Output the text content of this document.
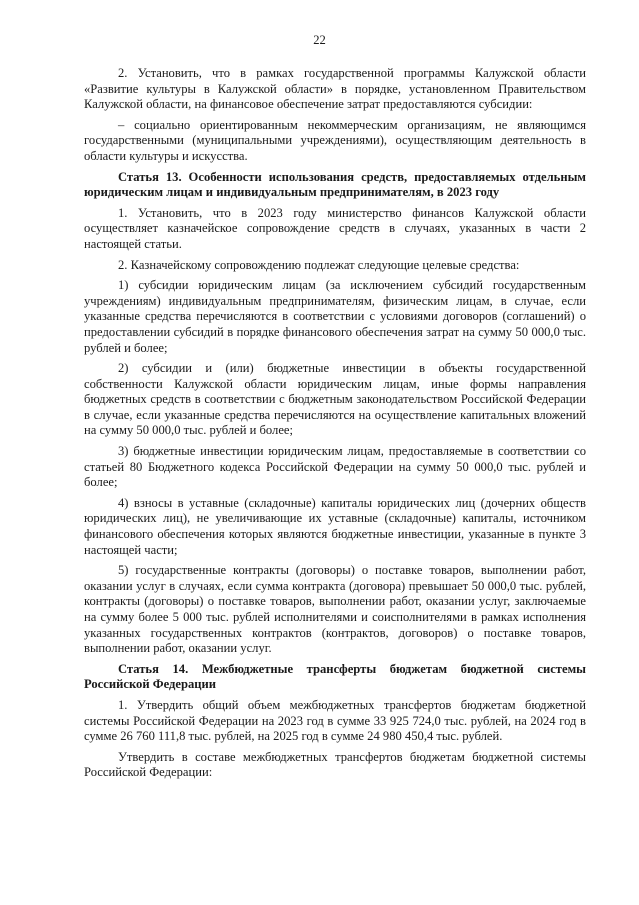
22

2. Установить, что в рамках государственной программы Калужской области «Развитие культуры в Калужской области» в порядке, установленном Правительством Калужской области, на финансовое обеспечение затрат предоставляются субсидии:

– социально ориентированным некоммерческим организациям, не являющимся государственными (муниципальными учреждениями), осуществляющим деятельность в области культуры и искусства.

Статья 13. Особенности использования средств, предоставляемых отдельным юридическим лицам и индивидуальным предпринимателям, в 2023 году

1. Установить, что в 2023 году министерство финансов Калужской области осуществляет казначейское сопровождение средств в случаях, указанных в части 2 настоящей статьи.

2. Казначейскому сопровождению подлежат следующие целевые средства:

1) субсидии юридическим лицам (за исключением субсидий государственным учреждениям) индивидуальным предпринимателям, физическим лицам, в случае, если указанные средства перечисляются в соответствии с условиями договоров (соглашений) о предоставлении субсидий в порядке финансового обеспечения затрат на сумму 50 000,0 тыс. рублей и более;

2) субсидии и (или) бюджетные инвестиции в объекты государственной собственности Калужской области юридическим лицам, иные формы направления бюджетных средств в соответствии с бюджетным законодательством Российской Федерации в случае, если указанные средства перечисляются на осуществление капитальных вложений на сумму 50 000,0 тыс. рублей и более;

3) бюджетные инвестиции юридическим лицам, предоставляемые в соответствии со статьей 80 Бюджетного кодекса Российской Федерации на сумму 50 000,0 тыс. рублей и более;

4) взносы в уставные (складочные) капиталы юридических лиц (дочерних обществ юридических лиц), не увеличивающие их уставные (складочные) капиталы, источником финансового обеспечения которых являются бюджетные инвестиции, указанные в пункте 3 настоящей части;

5) государственные контракты (договоры) о поставке товаров, выполнении работ, оказании услуг в случаях, если сумма контракта (договора) превышает 50 000,0 тыс. рублей, контракты (договоры) о поставке товаров, выполнении работ, оказании услуг, заключаемые на сумму более 5 000 тыс. рублей исполнителями и соисполнителями в рамках исполнения указанных государственных контрактов (контрактов, договоров) о поставке товаров, выполнении работ, оказании услуг.

Статья 14. Межбюджетные трансферты бюджетам бюджетной системы Российской Федерации

1. Утвердить общий объем межбюджетных трансфертов бюджетам бюджетной системы Российской Федерации на 2023 год в сумме 33 925 724,0 тыс. рублей, на 2024 год в сумме 26 760 111,8 тыс. рублей, на 2025 год в сумме 24 980 450,4 тыс. рублей.

Утвердить в составе межбюджетных трансфертов бюджетам бюджетной системы Российской Федерации:
